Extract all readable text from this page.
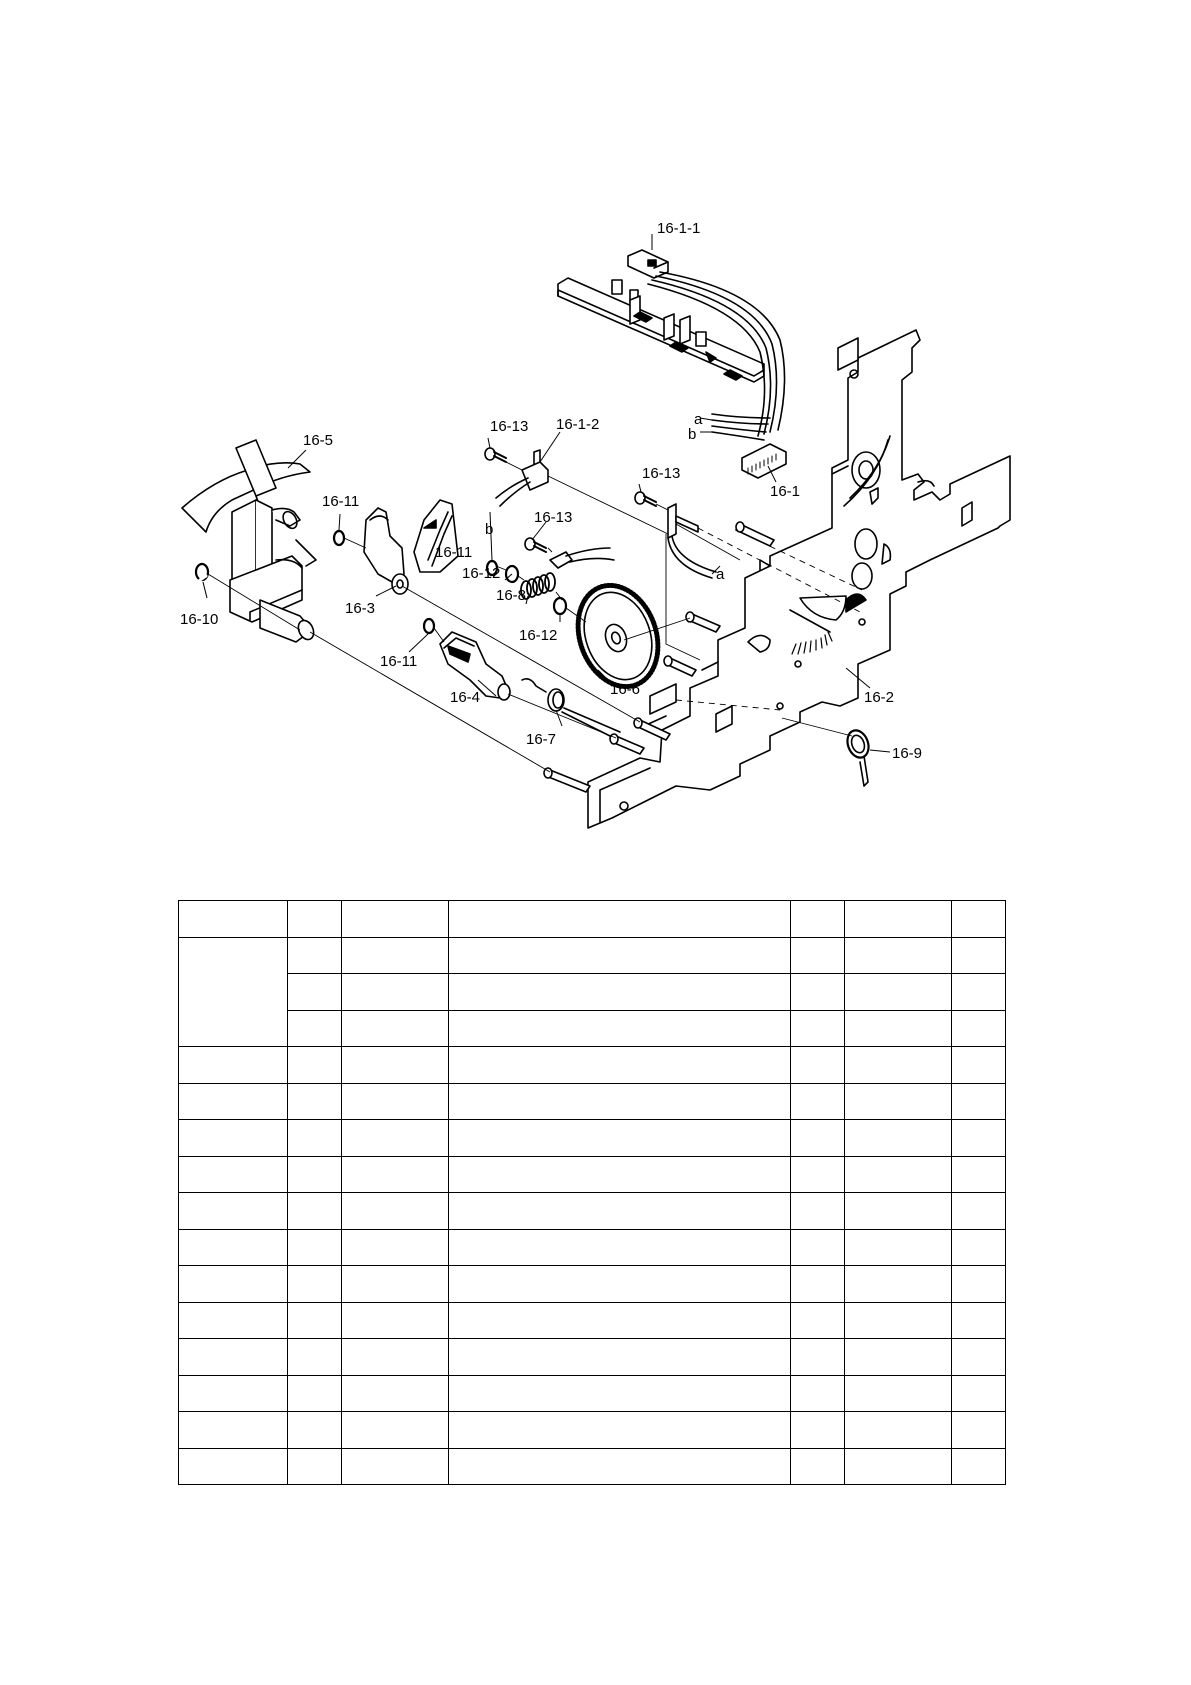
16-1-1
16-13 16-1-2	a
b
16-1
16-5
16-11
16-13
b
16-13
a
16-11
16-12
16-8
16-12
16-3
16-10
16-11
16-4	16-6
16-7
16-2
16-9
